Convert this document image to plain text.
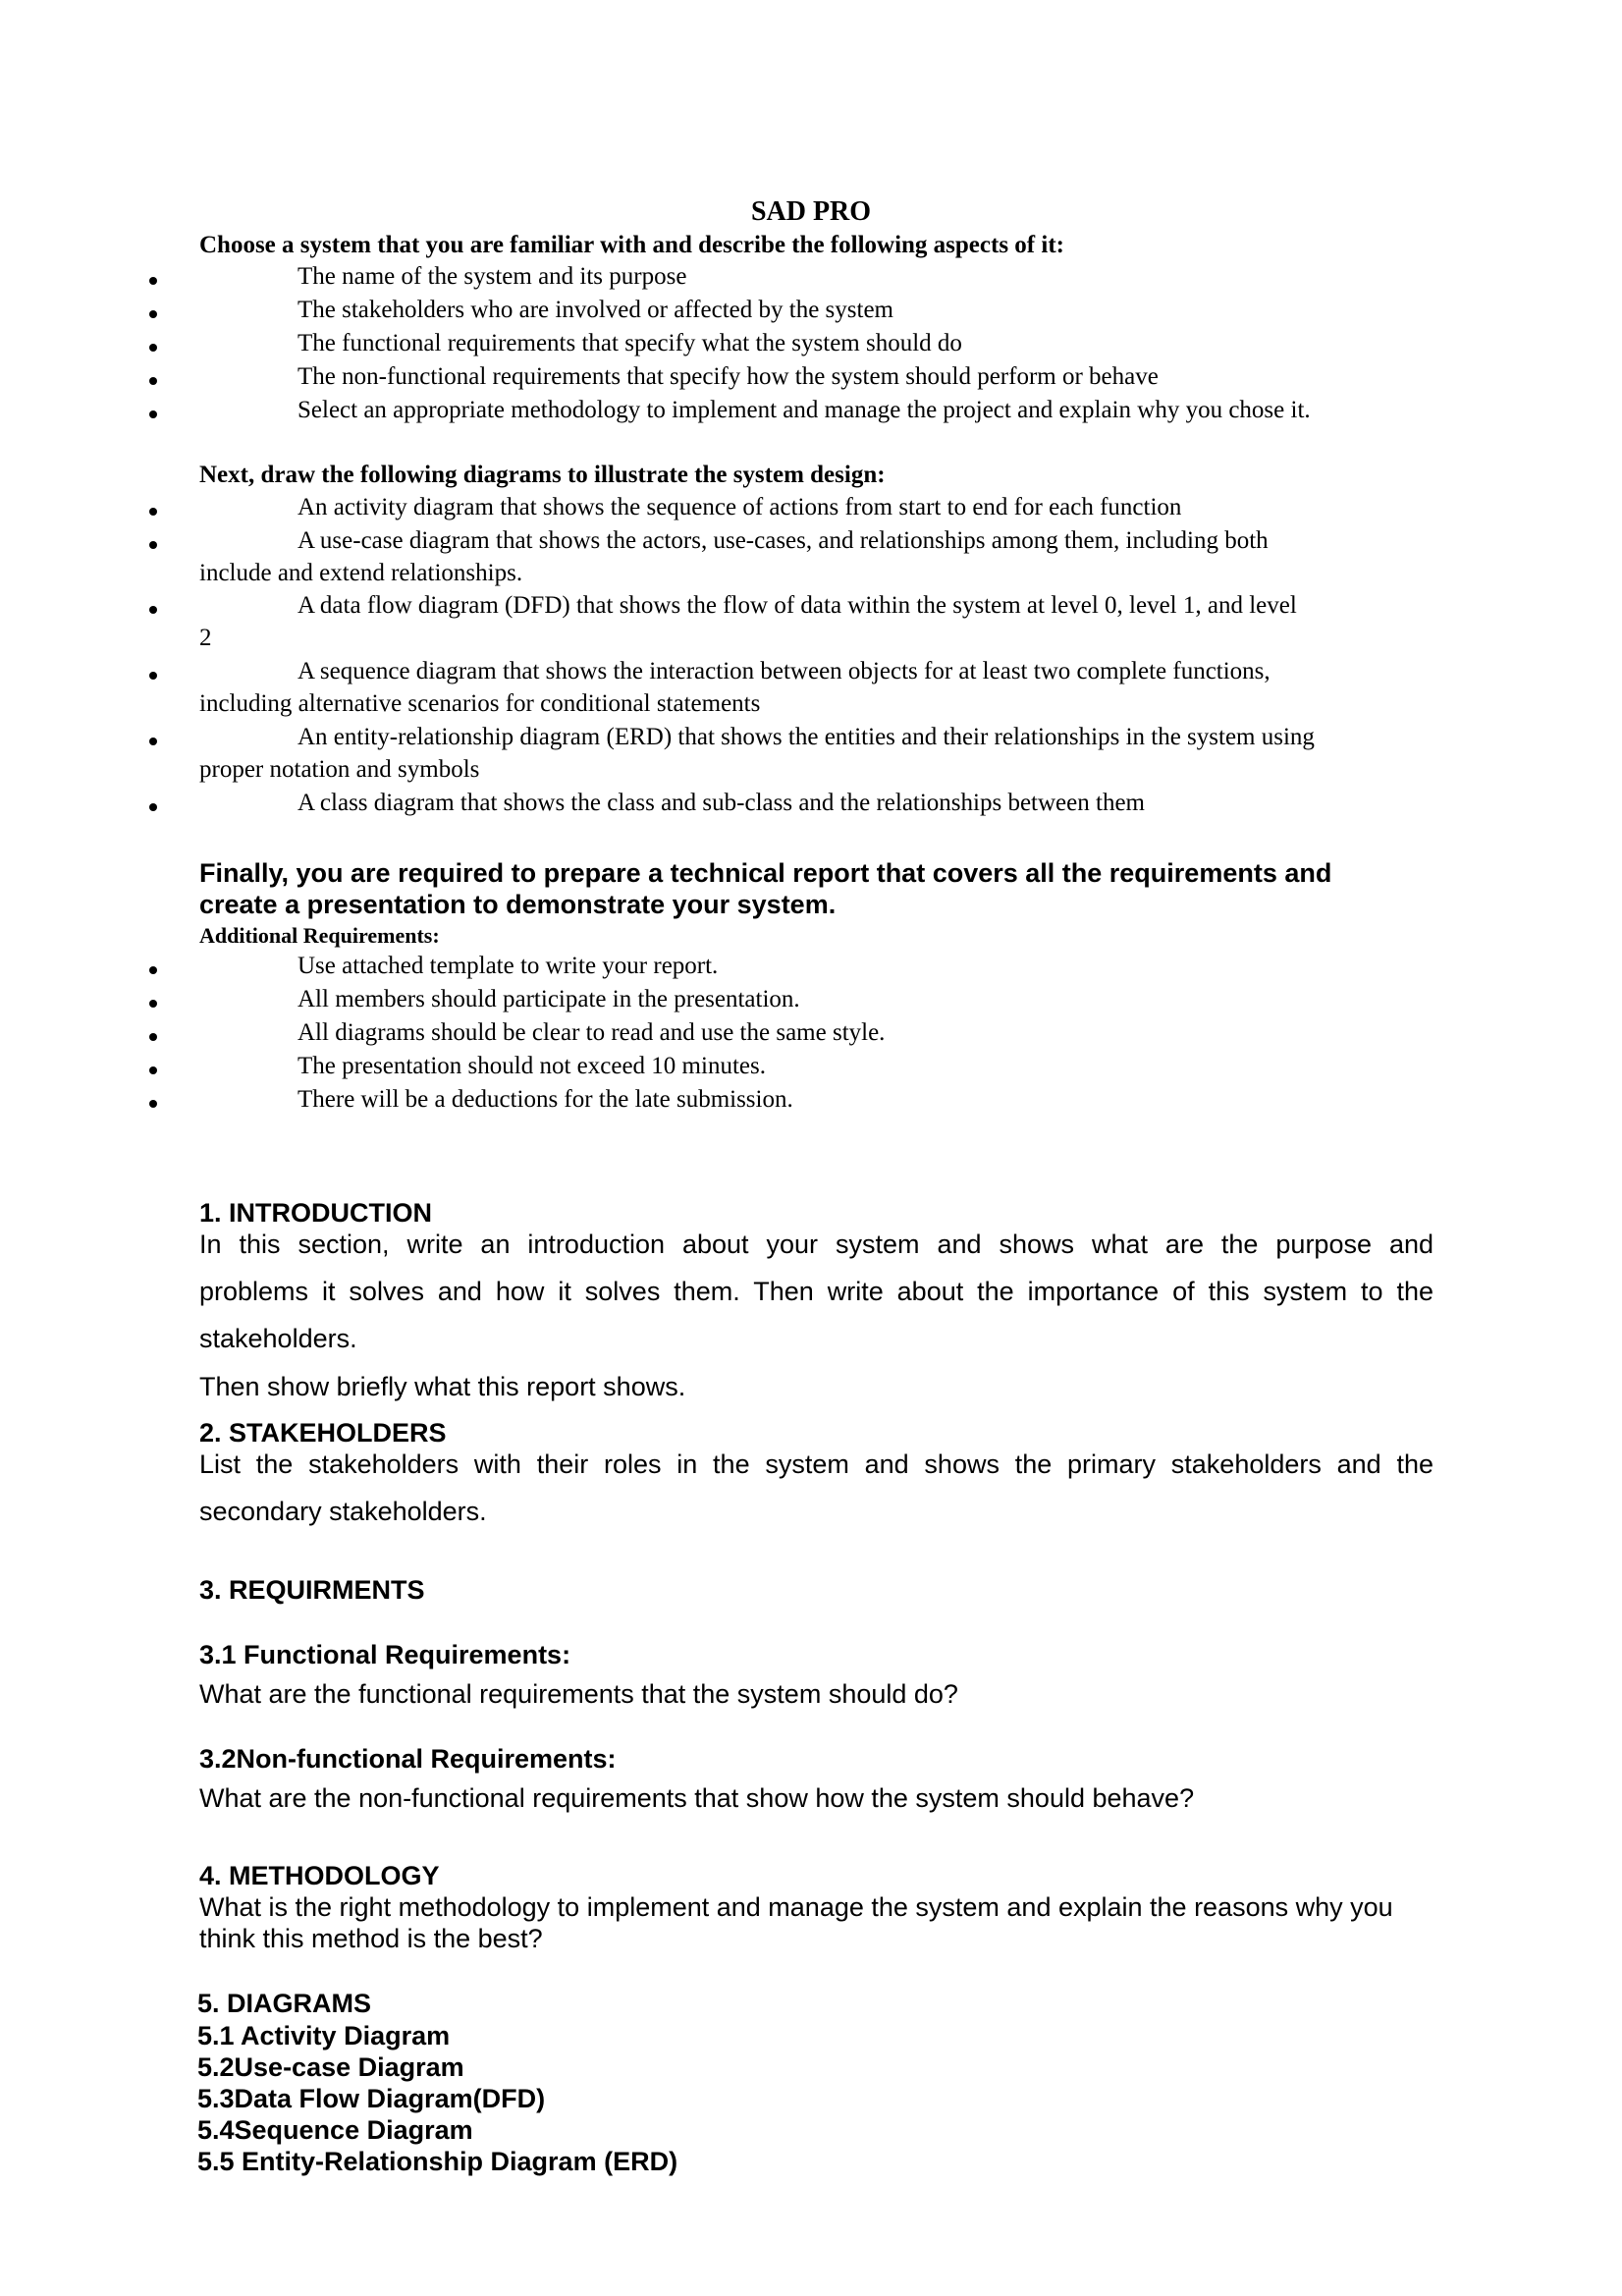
SAD PRO
Choose a system that you are familiar with and describe the following aspects of it:
The name of the system and its purpose
The stakeholders who are involved or affected by the system
The functional requirements that specify what the system should do
The non-functional requirements that specify how the system should perform or behave
Select an appropriate methodology to implement and manage the project and explain why you chose it.
Next, draw the following diagrams to illustrate the system design:
An activity diagram that shows the sequence of actions from start to end for each function
A use-case diagram that shows the actors, use-cases, and relationships among them, including both
include and extend relationships.
A data flow diagram (DFD) that shows the flow of data within the system at level 0, level 1, and level
2
A sequence diagram that shows the interaction between objects for at least two complete functions,
including alternative scenarios for conditional statements
An entity-relationship diagram (ERD) that shows the entities and their relationships in the system using
proper notation and symbols
A class diagram that shows the class and sub-class and the relationships between them
Finally, you are required to prepare a technical report that covers all the requirements and
create a presentation to demonstrate your system.
Additional Requirements:
Use attached template to write your report.
All members should participate in the presentation.
All diagrams should be clear to read and use the same style.
The presentation should not exceed 10 minutes.
There will be a deductions for the late submission.
1. INTRODUCTION
In this section, write an introduction about your system and shows what are the purpose and
problems it solves and how it solves them. Then write about the importance of this system to the
stakeholders.
Then show briefly what this report shows.
2. STAKEHOLDERS
List the stakeholders with their roles in the system and shows the primary stakeholders and the
secondary stakeholders.
3. REQUIRMENTS
3.1 Functional Requirements:
What are the functional requirements that the system should do?
3.2Non-functional Requirements:
What are the non-functional requirements that show how the system should behave?
4. METHODOLOGY
What is the right methodology to implement and manage the system and explain the reasons why you
think this method is the best?
5. DIAGRAMS
5.1 Activity Diagram
5.2Use-case Diagram
5.3Data Flow Diagram(DFD)
5.4Sequence Diagram
5.5 Entity-Relationship Diagram (ERD)
